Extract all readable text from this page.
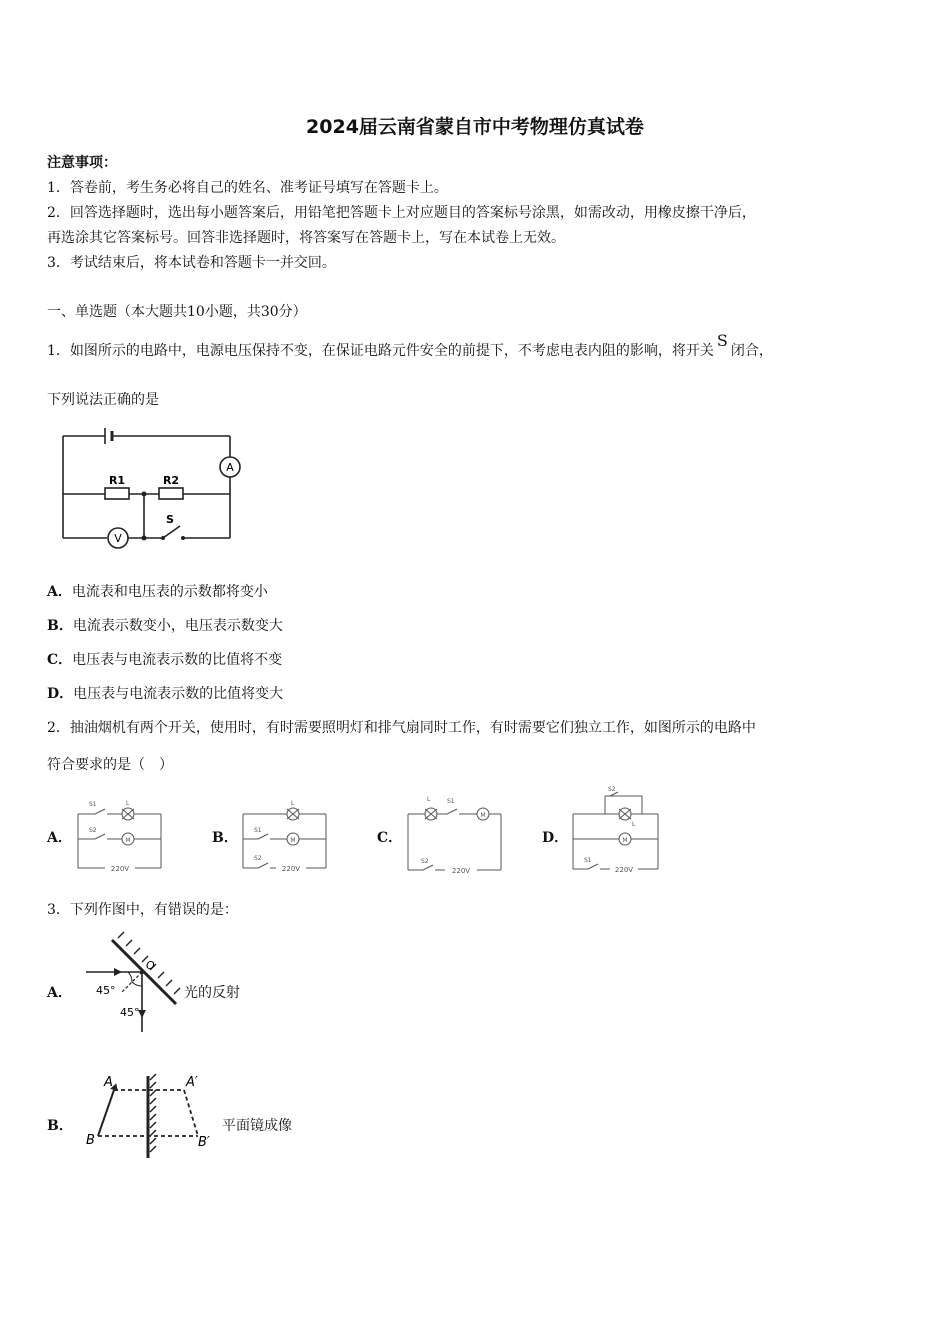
2024届云南省蒙自市中考物理仿真试卷
注意事项：
1．答卷前，考生务必将自己的姓名、准考证号填写在答题卡上。
2．回答选择题时，选出每小题答案后，用铅笔把答题卡上对应题目的答案标号涂黑，如需改动，用橡皮擦干净后，
再选涂其它答案标号。回答非选择题时，将答案写在答题卡上，写在本试卷上无效。
3．考试结束后，将本试卷和答题卡一并交回。
一、单选题（本大题共10小题，共30分）
1．如图所示的电路中，电源电压保持不变，在保证电路元件安全的前提下，不考虑电表内阻的影响，将开关S闭合，
下列说法正确的是
A
V
R1	R2
S
A．电流表和电压表的示数都将变小
B．电流表示数变小，电压表示数变大
C．电压表与电流表示数的比值将不变
D．电压表与电流表示数的比值将变大
2．抽油烟机有两个开关，使用时，有时需要照明灯和排气扇同时工作，有时需要它们独立工作，如图所示的电路中
符合要求的是（　）
A．	B．	C．	D．
S1	L
S2
M
220V
L
S1
M
S2
220V
L	S1
M
S2
220V
S2
L
M
S1
220V
3．下列作图中，有错误的是：
A．
O
45°
45°
光的反射
B．
A	A′
B	B′
平面镜成像
